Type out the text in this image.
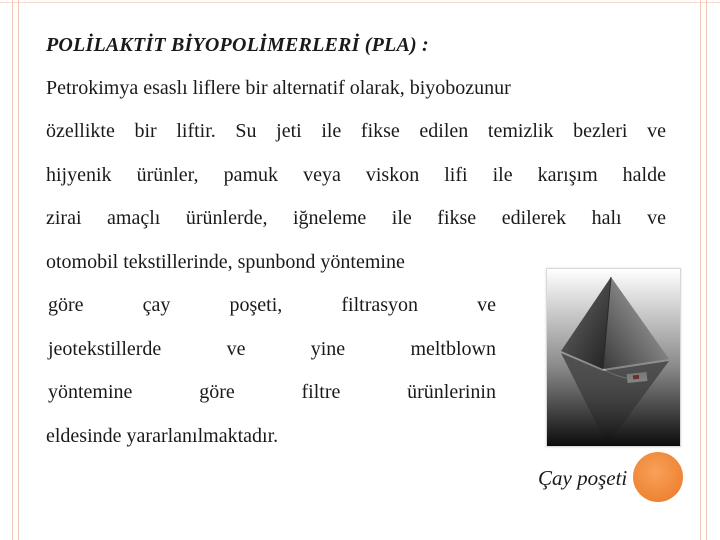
POLİLAKTİT BİYOPOLİMERLERİ (PLA) :
Petrokimya esaslı liflere bir alternatif olarak, biyobozunur
özellikte bir liftir. Su jeti ile fikse edilen temizlik bezleri ve
hijyenik ürünler, pamuk veya viskon lifi ile karışım halde
zirai amaçlı ürünlerde, iğneleme ile fikse edilerek halı ve
otomobil tekstillerinde, spunbond yöntemine
göre çay poşeti, filtrasyon ve
jeotekstillerde ve yine meltblown
yöntemine göre filtre ürünlerinin
eldesinde yararlanılmaktadır.
Çay poşeti
